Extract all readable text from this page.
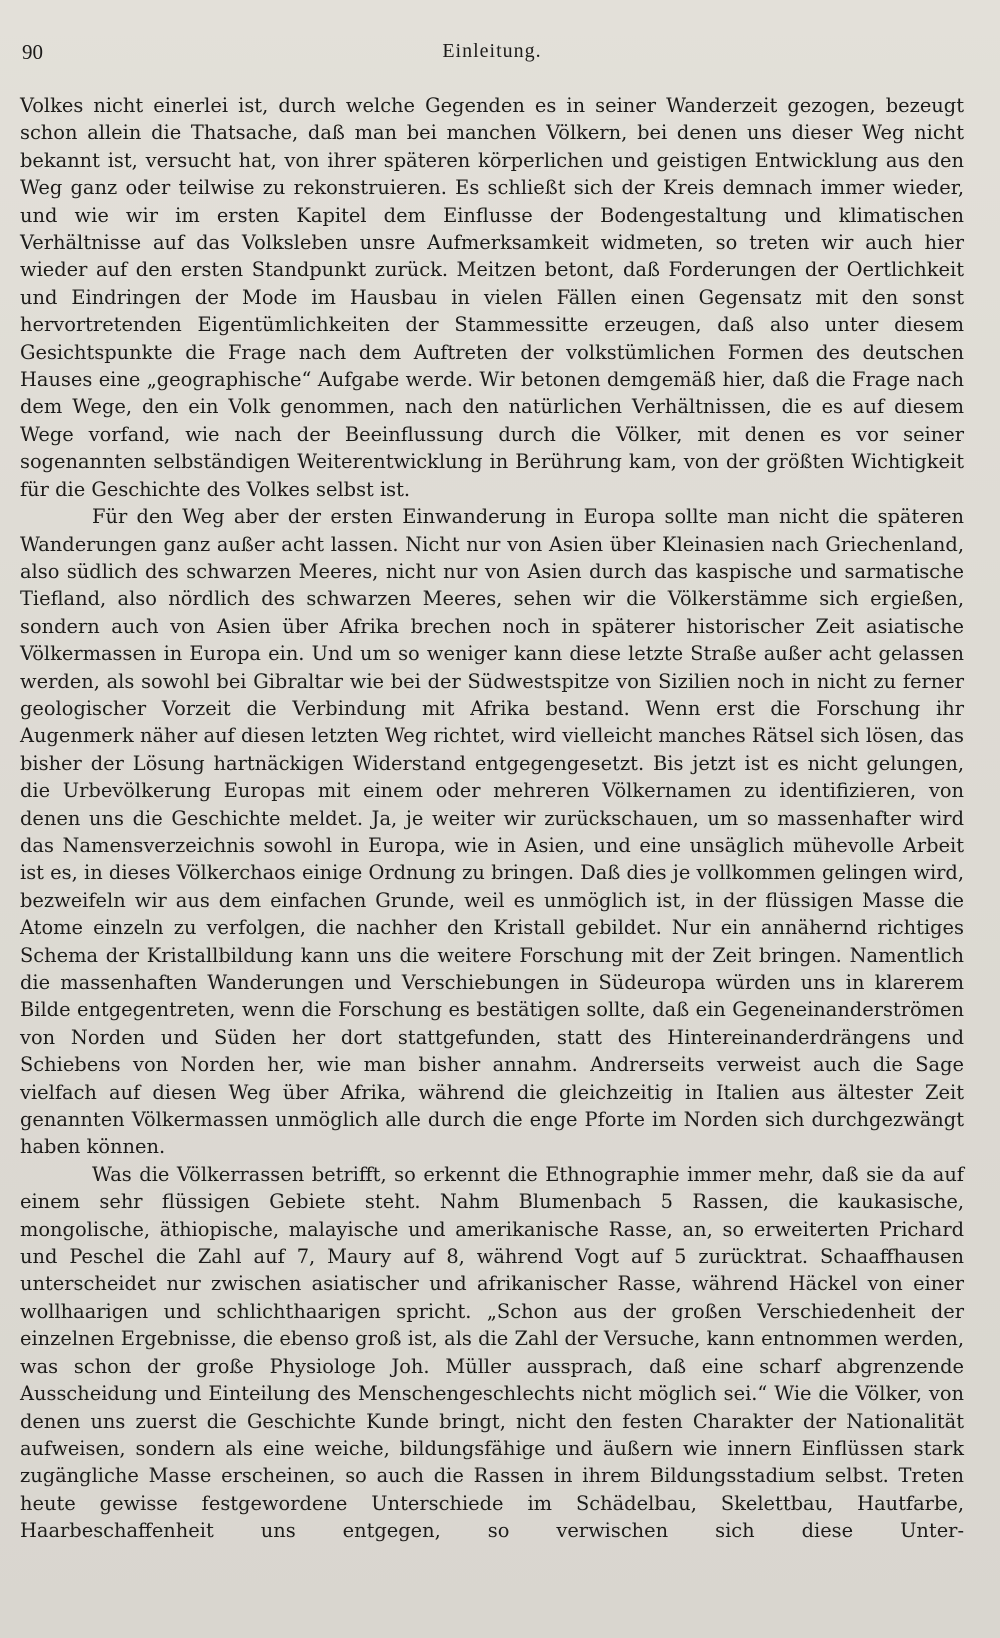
90	Einleitung.

Volkes nicht einerlei ist, durch welche Gegenden es in seiner Wanderzeit gezogen, bezeugt schon allein die Thatsache, daß man bei manchen Völkern, bei denen uns dieser Weg nicht bekannt ist, versucht hat, von ihrer späteren körperlichen und geistigen Entwicklung aus den Weg ganz oder teilwise zu rekonstruieren. Es schließt sich der Kreis demnach immer wieder, und wie wir im ersten Kapitel dem Einflusse der Bodengestaltung und klimatischen Verhältnisse auf das Volksleben unsre Aufmerksamkeit widmeten, so treten wir auch hier wieder auf den ersten Standpunkt zurück. Meitzen betont, daß Forderungen der Oertlichkeit und Eindringen der Mode im Hausbau in vielen Fällen einen Gegensatz mit den sonst hervortretenden Eigentümlichkeiten der Stammessitte erzeugen, daß also unter diesem Gesichtspunkte die Frage nach dem Auftreten der volkstümlichen Formen des deutschen Hauses eine „geographische“ Aufgabe werde. Wir betonen demgemäß hier, daß die Frage nach dem Wege, den ein Volk genommen, nach den natürlichen Verhältnissen, die es auf diesem Wege vorfand, wie nach der Beeinflussung durch die Völker, mit denen es vor seiner sogenannten selbständigen Weiterentwicklung in Berührung kam, von der größten Wichtigkeit für die Geschichte des Volkes selbst ist.

Für den Weg aber der ersten Einwanderung in Europa sollte man nicht die späteren Wanderungen ganz außer acht lassen. Nicht nur von Asien über Kleinasien nach Griechenland, also südlich des schwarzen Meeres, nicht nur von Asien durch das kaspische und sarmatische Tiefland, also nördlich des schwarzen Meeres, sehen wir die Völkerstämme sich ergießen, sondern auch von Asien über Afrika brechen noch in späterer historischer Zeit asiatische Völkermassen in Europa ein. Und um so weniger kann diese letzte Straße außer acht gelassen werden, als sowohl bei Gibraltar wie bei der Südwestspitze von Sizilien noch in nicht zu ferner geologischer Vorzeit die Verbindung mit Afrika bestand. Wenn erst die Forschung ihr Augenmerk näher auf diesen letzten Weg richtet, wird vielleicht manches Rätsel sich lösen, das bisher der Lösung hartnäckigen Widerstand entgegengesetzt. Bis jetzt ist es nicht gelungen, die Urbevölkerung Europas mit einem oder mehreren Völkernamen zu identifizieren, von denen uns die Geschichte meldet. Ja, je weiter wir zurückschauen, um so massenhafter wird das Namensverzeichnis sowohl in Europa, wie in Asien, und eine unsäglich mühevolle Arbeit ist es, in dieses Völkerchaos einige Ordnung zu bringen. Daß dies je vollkommen gelingen wird, bezweifeln wir aus dem einfachen Grunde, weil es unmöglich ist, in der flüssigen Masse die Atome einzeln zu verfolgen, die nachher den Kristall gebildet. Nur ein annähernd richtiges Schema der Kristallbildung kann uns die weitere Forschung mit der Zeit bringen. Namentlich die massenhaften Wanderungen und Verschiebungen in Südeuropa würden uns in klarerem Bilde entgegentreten, wenn die Forschung es bestätigen sollte, daß ein Gegeneinanderströmen von Norden und Süden her dort stattgefunden, statt des Hintereinanderdrängens und Schiebens von Norden her, wie man bisher annahm. Andrerseits verweist auch die Sage vielfach auf diesen Weg über Afrika, während die gleichzeitig in Italien aus ältester Zeit genannten Völkermassen unmöglich alle durch die enge Pforte im Norden sich durchgezwängt haben können.

Was die Völkerrassen betrifft, so erkennt die Ethnographie immer mehr, daß sie da auf einem sehr flüssigen Gebiete steht. Nahm Blumenbach 5 Rassen, die kaukasische, mongolische, äthiopische, malayische und amerikanische Rasse, an, so erweiterten Prichard und Peschel die Zahl auf 7, Maury auf 8, während Vogt auf 5 zurücktrat. Schaaffhausen unterscheidet nur zwischen asiatischer und afrikanischer Rasse, während Häckel von einer wollhaarigen und schlichthaarigen spricht. „Schon aus der großen Verschiedenheit der einzelnen Ergebnisse, die ebenso groß ist, als die Zahl der Versuche, kann entnommen werden, was schon der große Physiologe Joh. Müller aussprach, daß eine scharf abgrenzende Ausscheidung und Einteilung des Menschengeschlechts nicht möglich sei.“ Wie die Völker, von denen uns zuerst die Geschichte Kunde bringt, nicht den festen Charakter der Nationalität aufweisen, sondern als eine weiche, bildungsfähige und äußern wie innern Einflüssen stark zugängliche Masse erscheinen, so auch die Rassen in ihrem Bildungsstadium selbst. Treten heute gewisse festgewordene Unterschiede im Schädelbau, Skelettbau, Hautfarbe, Haarbeschaffenheit uns entgegen, so verwischen sich diese Unter-
